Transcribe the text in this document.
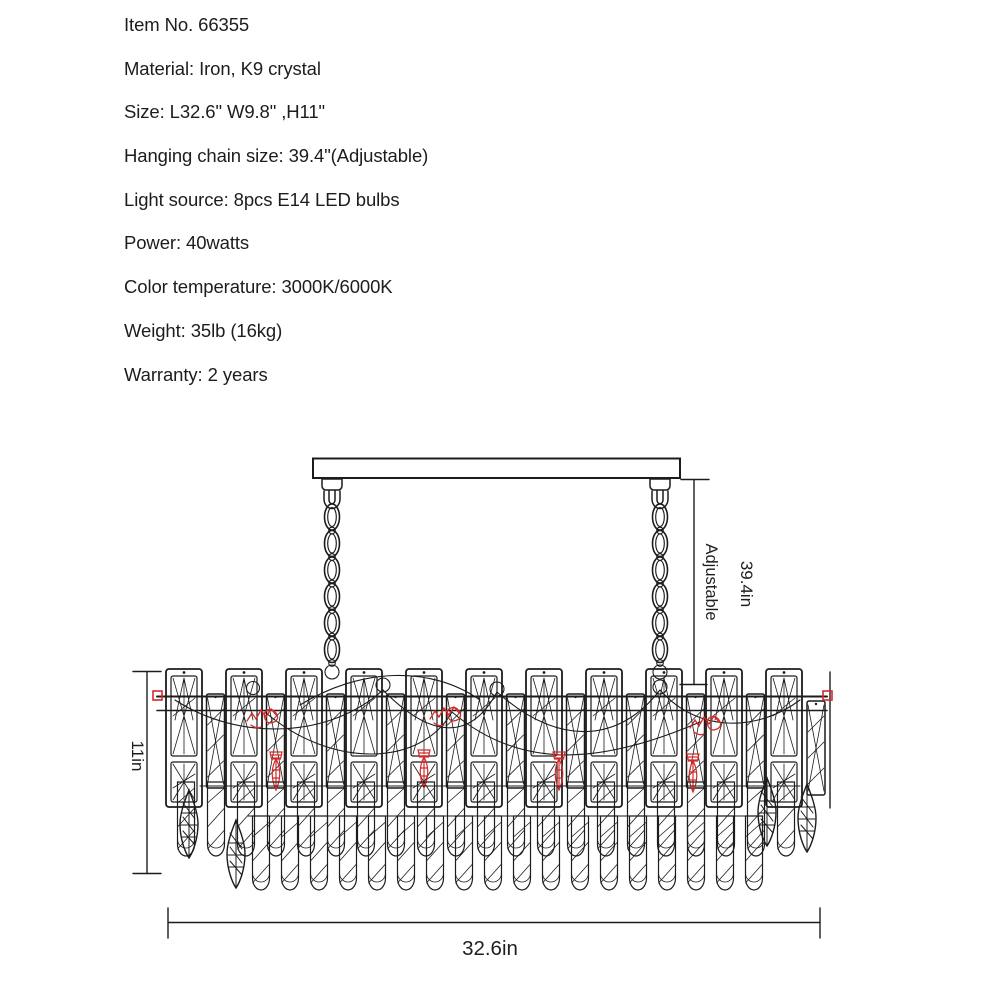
Item No. 66355

Material: Iron, K9 crystal

Size: L32.6" W9.8" ,H11"

Hanging chain size: 39.4"(Adjustable)

Light source: 8pcs E14 LED bulbs

Power: 40watts

Color temperature: 3000K/6000K

Weight: 35lb (16kg)

Warranty: 2 years

Adjustable 39.4in
11in
32.6in
